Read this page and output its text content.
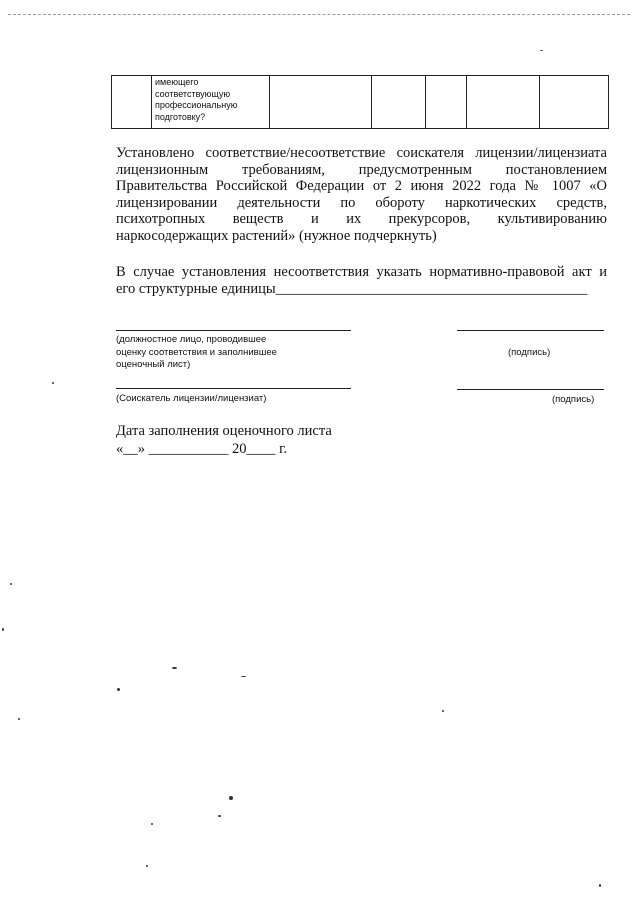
имеющего
соответствующую
профессиональную
подготовку?

Установлено соответствие/несоответствие соискателя лицензии/лицензиата
лицензионным требованиям, предусмотренным постановлением
Правительства Российской Федерации от 2 июня 2022 года № 1007 «О
лицензировании деятельности по обороту наркотических средств,
психотропных веществ и их прекурсоров, культивированию
наркосодержащих растений» (нужное подчеркнуть)
В случае установления несоответствия указать нормативно-правовой акт и
его структурные единицы___________________________________________
(должностное лицо, проводившее
оценку соответствия и заполнившее
оценочный лист)
(подпись)
(Соискатель лицензии/лицензиат)	(подпись)
Дата заполнения оценочного листа
«__» ___________ 20____ г.
